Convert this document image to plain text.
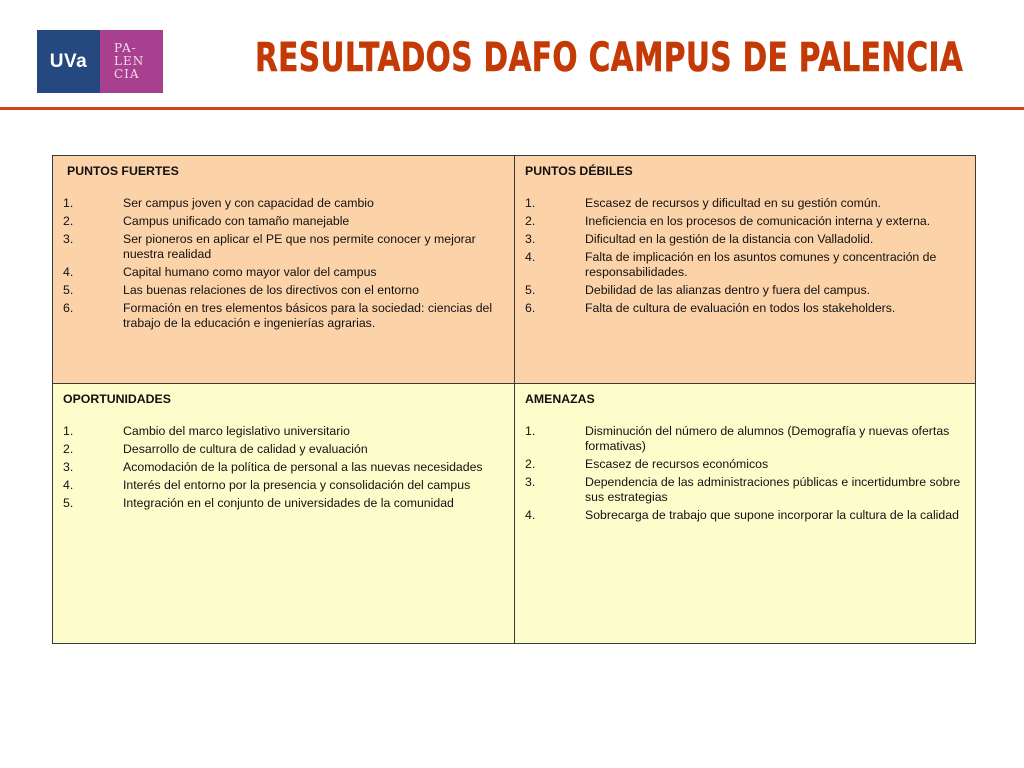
UVa
PA-
LEN
CIA	RESULTADOS DAFO CAMPUS DE PALENCIA
PUNTOS FUERTES
1.	Ser campus joven y con capacidad de cambio
2.	Campus unificado con tamaño manejable
3.	Ser pioneros en aplicar el PE que nos permite conocer y mejorar nuestra realidad
4.	Capital humano como mayor valor del campus
5.	Las buenas relaciones de los directivos con el entorno
6.	Formación en tres elementos básicos para la sociedad: ciencias del trabajo de la educación e ingenierías agrarias.
PUNTOS DÉBILES
1.	Escasez de recursos y dificultad en su gestión común.
2.	Ineficiencia en los procesos de comunicación interna y externa.
3.	Dificultad en la gestión de la distancia con Valladolid.
4.	Falta de implicación en los asuntos comunes y concentración de responsabilidades.
5.	Debilidad de las alianzas dentro y fuera del campus.
6.	Falta de cultura de evaluación en todos los stakeholders.
OPORTUNIDADES
1.	Cambio del marco legislativo universitario
2.	Desarrollo de cultura de calidad y evaluación
3.	Acomodación de la política de personal a las nuevas necesidades
4.	Interés del entorno por la presencia y consolidación del campus
5.	Integración en el conjunto de universidades de la comunidad
AMENAZAS
1.	Disminución del número de alumnos (Demografía y nuevas ofertas formativas)
2.	Escasez de recursos económicos
3.	Dependencia de las administraciones públicas e incertidumbre sobre sus estrategias
4.	Sobrecarga de trabajo que supone incorporar la cultura de la calidad
